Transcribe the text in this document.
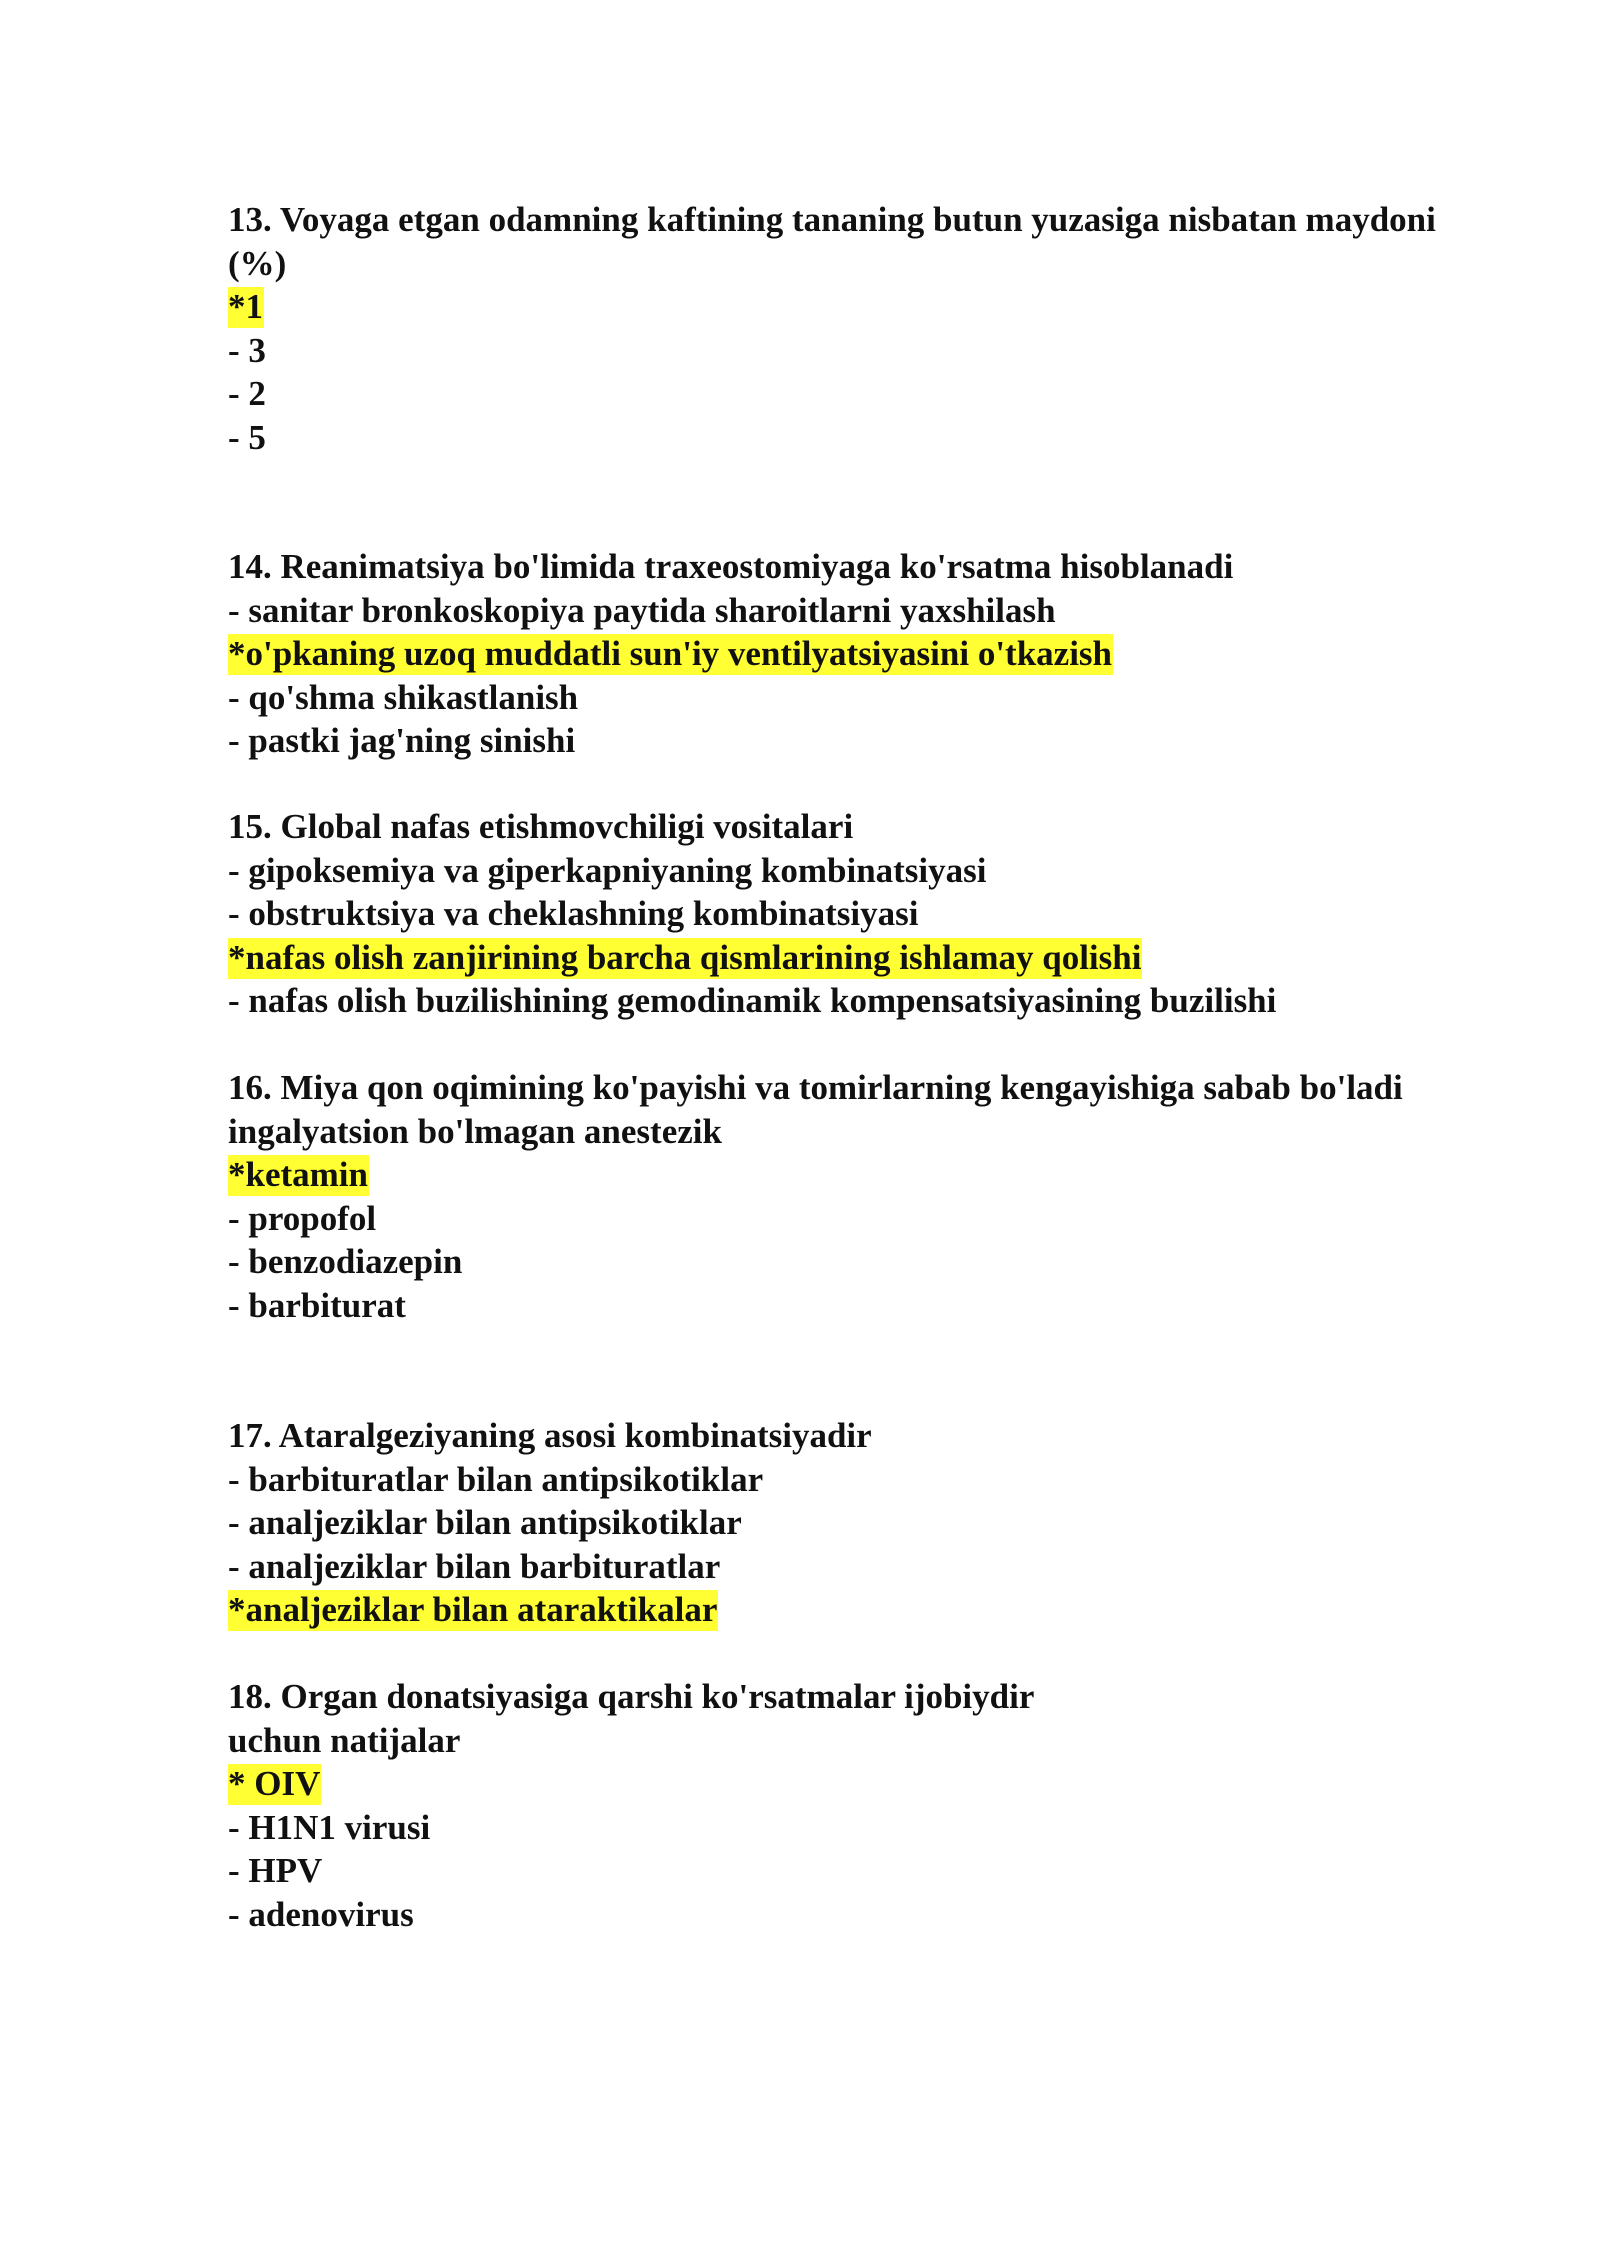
13. Voyaga etgan odamning kaftining tananing butun yuzasiga nisbatan maydoni
(%)
*1
- 3
- 2
- 5
14. Reanimatsiya bo'limida traxeostomiyaga ko'rsatma hisoblanadi
- sanitar bronkoskopiya paytida sharoitlarni yaxshilash
*o'pkaning uzoq muddatli sun'iy ventilyatsiyasini o'tkazish
- qo'shma shikastlanish
- pastki jag'ning sinishi
15. Global nafas etishmovchiligi vositalari
- gipoksemiya va giperkapniyaning kombinatsiyasi
- obstruktsiya va cheklashning kombinatsiyasi
*nafas olish zanjirining barcha qismlarining ishlamay qolishi
- nafas olish buzilishining gemodinamik kompensatsiyasining buzilishi
16. Miya qon oqimining ko'payishi va tomirlarning kengayishiga sabab bo'ladi
ingalyatsion bo'lmagan anestezik
*ketamin
- propofol
- benzodiazepin
- barbiturat
17. Ataralgeziyaning asosi kombinatsiyadir
- barbituratlar bilan antipsikotiklar
- analjeziklar bilan antipsikotiklar
- analjeziklar bilan barbituratlar
*analjeziklar bilan ataraktikalar
18. Organ donatsiyasiga qarshi ko'rsatmalar ijobiydir
uchun natijalar
* OIV
- H1N1 virusi
- HPV
- adenovirus
